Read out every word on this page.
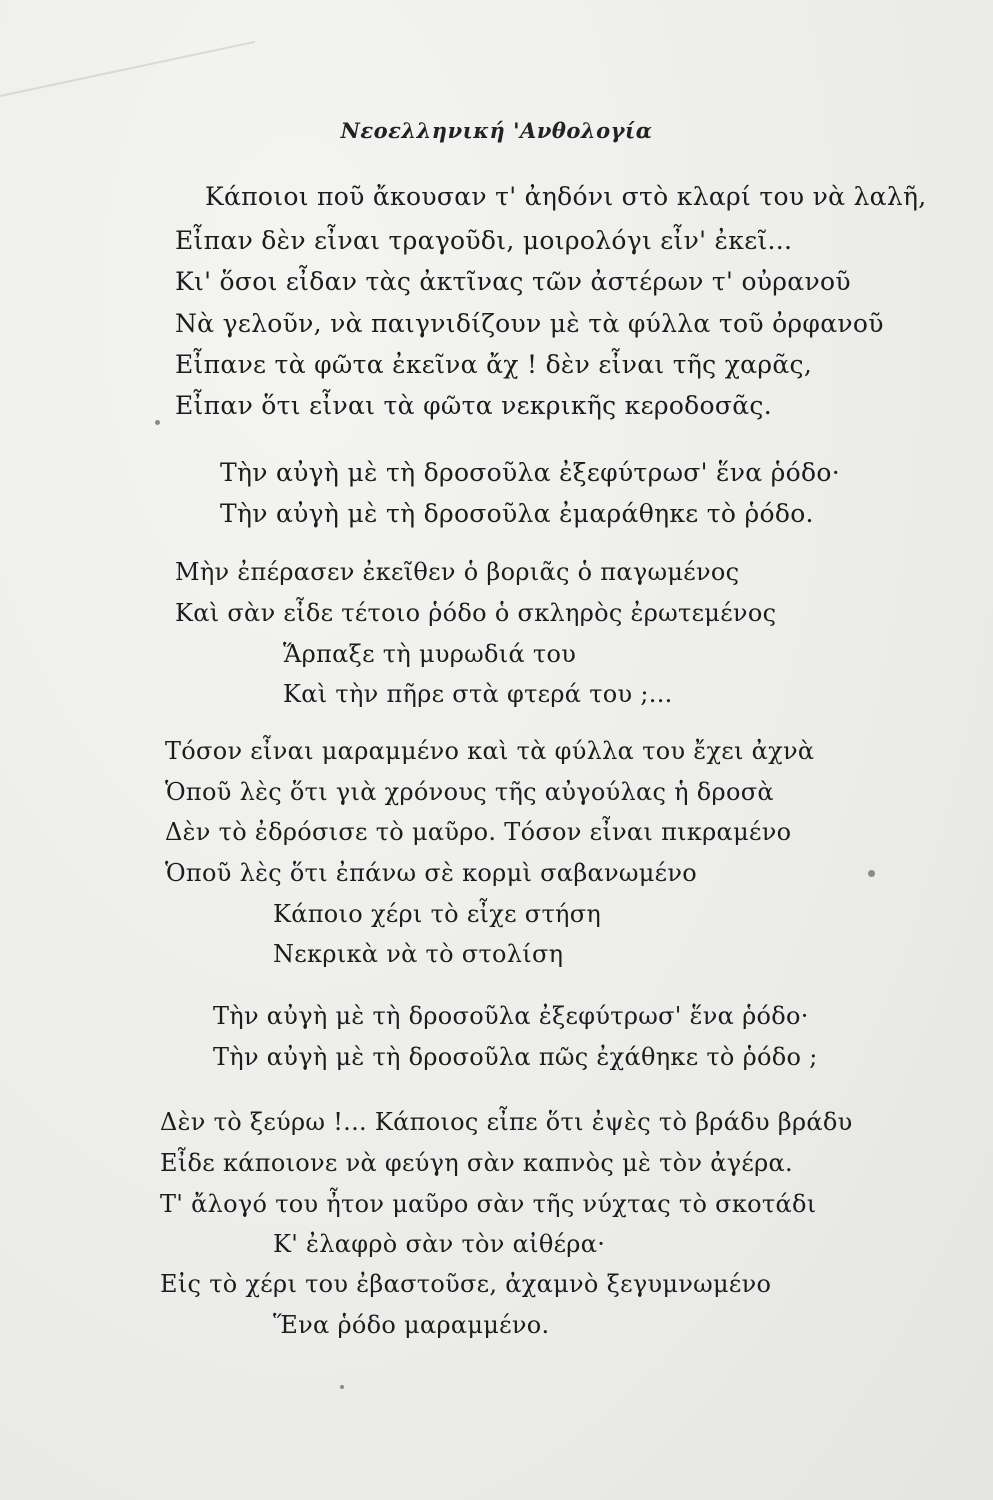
Νεοελληνική 'Ανθολογία
Κάποιοι ποῦ ἄκουσαν τ' ἀηδόνι στὸ κλαρί του νὰ λαλῆ,
Εἶπαν δὲν εἶναι τραγοῦδι, μοιρολόγι εἶν' ἐκεῖ...
Κι' ὅσοι εἶδαν τὰς ἀκτῖνας τῶν ἀστέρων τ' οὐρανοῦ
Νὰ γελοῦν, νὰ παιγνιδίζουν μὲ τὰ φύλλα τοῦ ὀρφανοῦ
Εἶπανε τὰ φῶτα ἐκεῖνα ἄχ ! δὲν εἶναι τῆς χαρᾶς,
Εἶπαν ὅτι εἶναι τὰ φῶτα νεκρικῆς κεροδοσᾶς.
Τὴν αὐγὴ μὲ τὴ δροσοῦλα ἐξεφύτρωσ' ἕνα ῥόδο·
Τὴν αὐγὴ μὲ τὴ δροσοῦλα ἐμαράθηκε τὸ ῥόδο.
Μὴν ἐπέρασεν ἐκεῖθεν ὁ βοριᾶς ὁ παγωμένος
Καὶ σὰν εἶδε τέτοιο ῥόδο ὁ σκληρὸς ἐρωτεμένος
Ἅρπαξε τὴ μυρωδιά του
Καὶ τὴν πῆρε στὰ φτερά του ;...
Τόσον εἶναι μαραμμένο καὶ τὰ φύλλα του ἔχει ἀχνὰ
Ὁποῦ λὲς ὅτι γιὰ χρόνους τῆς αὐγούλας ἡ δροσὰ
Δὲν τὸ ἐδρόσισε τὸ μαῦρο. Τόσον εἶναι πικραμένο
Ὁποῦ λὲς ὅτι ἐπάνω σὲ κορμὶ σαβανωμένο
Κάποιο χέρι τὸ εἶχε στήση
Νεκρικὰ νὰ τὸ στολίση
Τὴν αὐγὴ μὲ τὴ δροσοῦλα ἐξεφύτρωσ' ἕνα ῥόδο·
Τὴν αὐγὴ μὲ τὴ δροσοῦλα πῶς ἐχάθηκε τὸ ῥόδο ;
Δὲν τὸ ξεύρω !... Κάποιος εἶπε ὅτι ἐψὲς τὸ βράδυ βράδυ
Εἶδε κάποιονε νὰ φεύγη σὰν καπνὸς μὲ τὸν ἀγέρα.
Τ' ἄλογό του ἦτον μαῦρο σὰν τῆς νύχτας τὸ σκοτάδι
Κ' ἐλαφρὸ σὰν τὸν αἰθέρα·
Εἰς τὸ χέρι του ἐβαστοῦσε, ἀχαμνὸ ξεγυμνωμένο
Ἕνα ῥόδο μαραμμένο.
